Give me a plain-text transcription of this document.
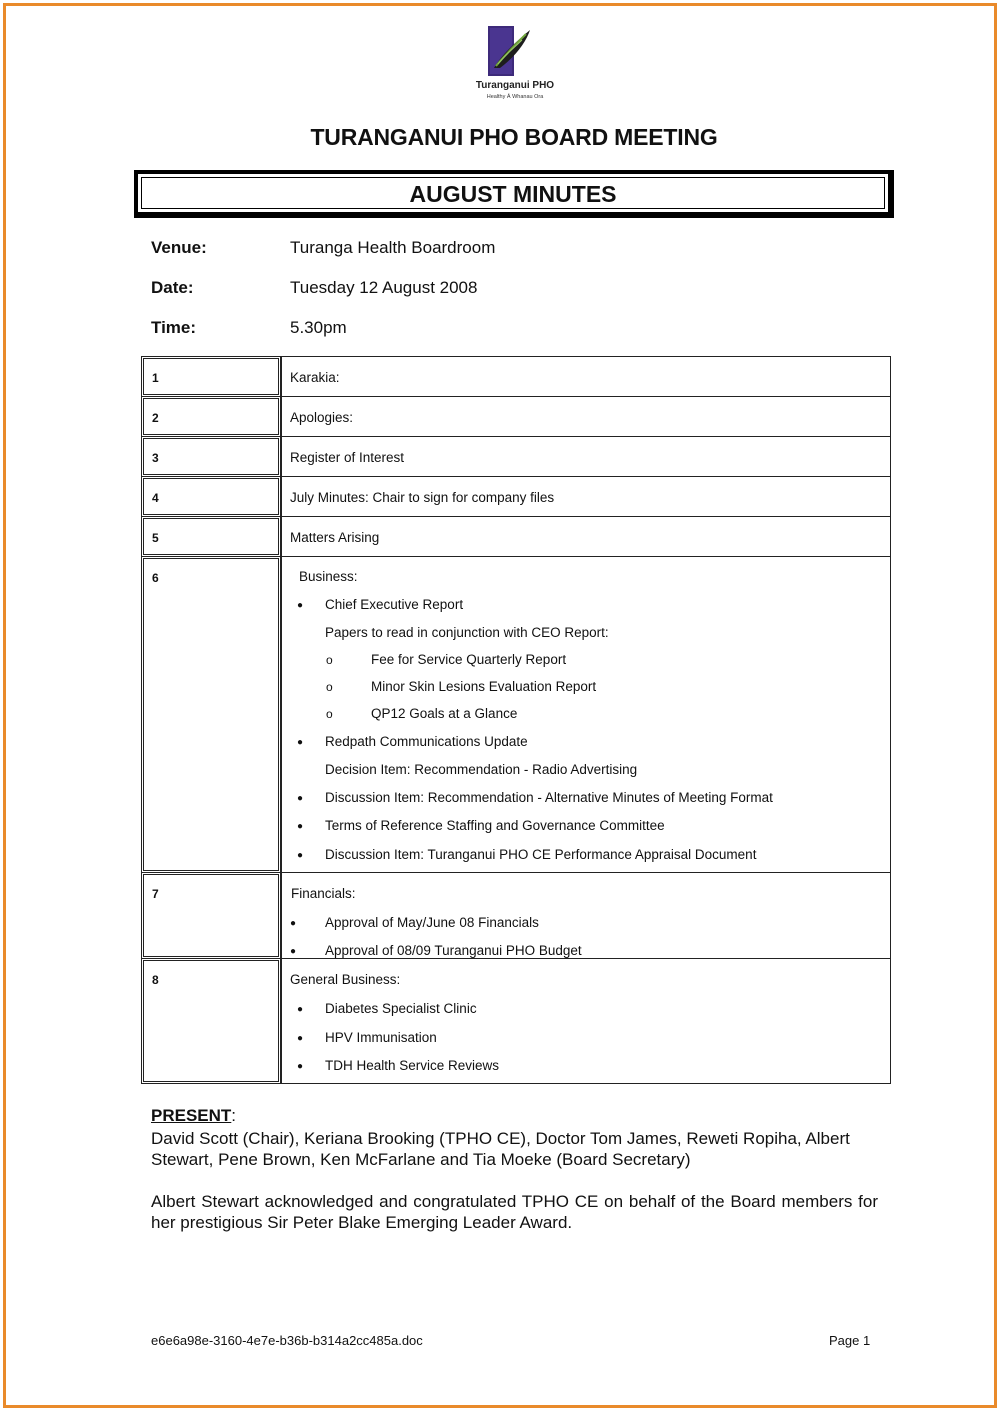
Turanganui PHO
Healthy Ā Whanau Ora
TURANGANUI PHO BOARD MEETING
AUGUST MINUTES
Venue:	Turanga Health Boardroom
Date:	Tuesday 12 August 2008
Time:	5.30pm
1	Karakia:
2	Apologies:
3	Register of Interest
4	July Minutes: Chair to sign for company files
5	Matters Arising
6	Business:
● Chief Executive Report
Papers to read in conjunction with CEO Report:
o	Fee for Service Quarterly Report
o	Minor Skin Lesions Evaluation Report
o	QP12 Goals at a Glance
● Redpath Communications Update
Decision Item: Recommendation - Radio Advertising
● Discussion Item: Recommendation - Alternative Minutes of Meeting Format
● Terms of Reference Staffing and Governance Committee
● Discussion Item: Turanganui PHO CE Performance Appraisal Document
7	Financials:
● Approval of May/June 08 Financials
● Approval of 08/09 Turanganui PHO Budget
8	General Business:
● Diabetes Specialist Clinic
● HPV Immunisation
● TDH Health Service Reviews
PRESENT:
David Scott (Chair), Keriana Brooking (TPHO CE), Doctor Tom James, Reweti Ropiha, Albert Stewart, Pene Brown, Ken McFarlane and Tia Moeke (Board Secretary)
Albert Stewart acknowledged and congratulated TPHO CE on behalf of the Board members for her prestigious Sir Peter Blake Emerging Leader Award.
e6e6a98e-3160-4e7e-b36b-b314a2cc485a.doc	Page 1
